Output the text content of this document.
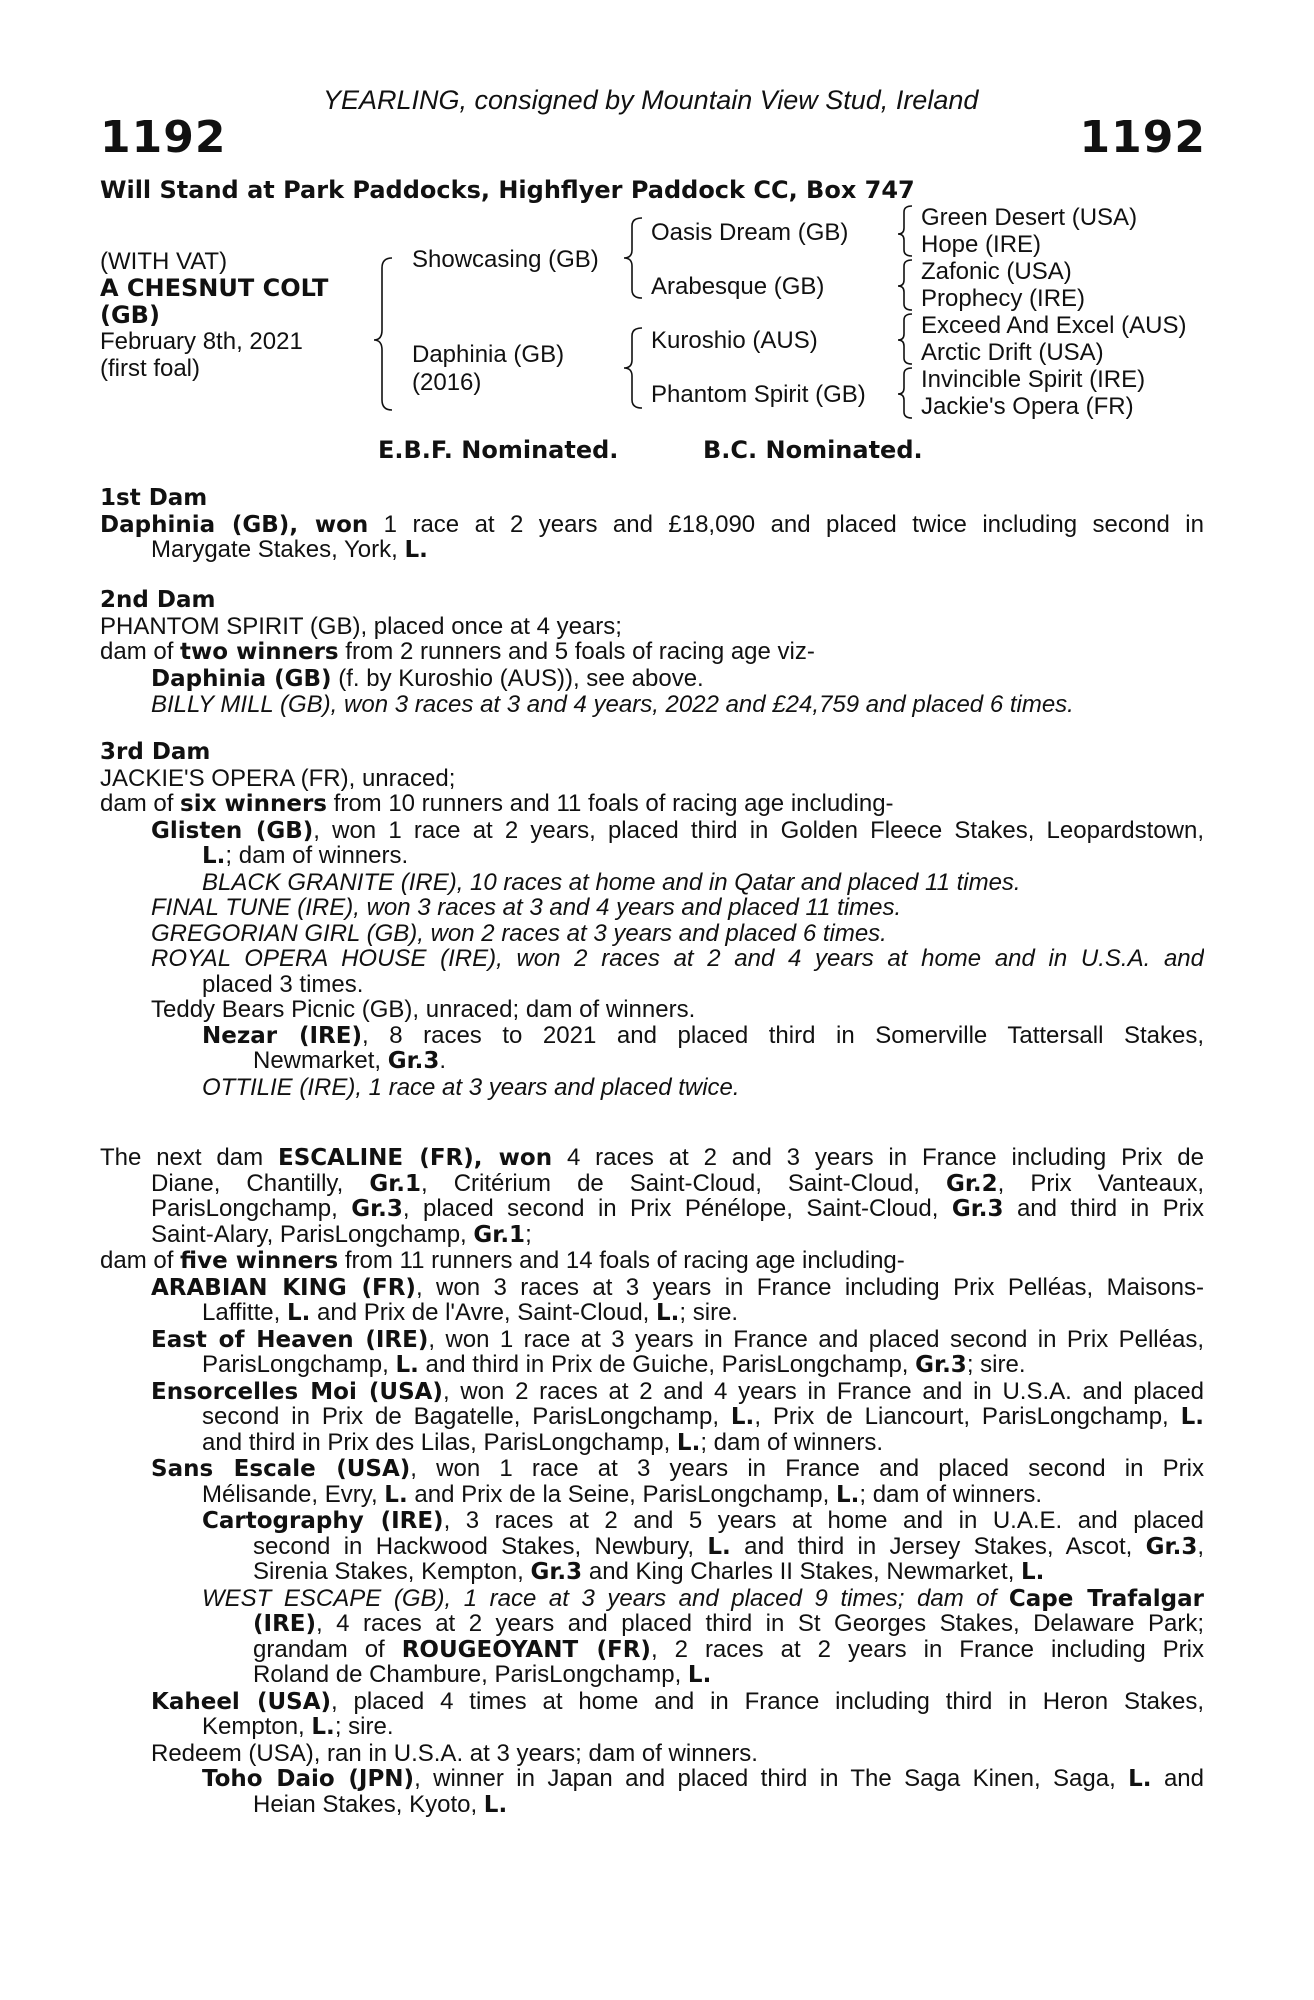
YEARLING, consigned by Mountain View Stud, Ireland
1192	1192
Will Stand at Park Paddocks, Highflyer Paddock CC, Box 747
(WITH VAT)
A CHESNUT COLT
(GB)
February 8th, 2021
(first foal)
Showcasing (GB)
Daphinia (GB)
(2016)
Oasis Dream (GB)
Arabesque (GB)
Kuroshio (AUS)
Phantom Spirit (GB)
Green Desert (USA)
Hope (IRE)
Zafonic (USA)
Prophecy (IRE)
Exceed And Excel (AUS)
Arctic Drift (USA)
Invincible Spirit (IRE)
Jackie's Opera (FR)
E.B.F. Nominated.	B.C. Nominated.
1st Dam
Daphinia (GB), won 1 race at 2 years and £18,090 and placed twice including second in
Marygate Stakes, York, L.
2nd Dam
PHANTOM SPIRIT (GB), placed once at 4 years;
dam of two winners from 2 runners and 5 foals of racing age viz-
Daphinia (GB) (f. by Kuroshio (AUS)), see above.
BILLY MILL (GB), won 3 races at 3 and 4 years, 2022 and £24,759 and placed 6 times.
3rd Dam
JACKIE'S OPERA (FR), unraced;
dam of six winners from 10 runners and 11 foals of racing age including-
Glisten (GB), won 1 race at 2 years, placed third in Golden Fleece Stakes, Leopardstown,
L.; dam of winners.
BLACK GRANITE (IRE), 10 races at home and in Qatar and placed 11 times.
FINAL TUNE (IRE), won 3 races at 3 and 4 years and placed 11 times.
GREGORIAN GIRL (GB), won 2 races at 3 years and placed 6 times.
ROYAL OPERA HOUSE (IRE), won 2 races at 2 and 4 years at home and in U.S.A. and
placed 3 times.
Teddy Bears Picnic (GB), unraced; dam of winners.
Nezar (IRE), 8 races to 2021 and placed third in Somerville Tattersall Stakes,
Newmarket, Gr.3.
OTTILIE (IRE), 1 race at 3 years and placed twice.
The next dam ESCALINE (FR), won 4 races at 2 and 3 years in France including Prix de
Diane, Chantilly, Gr.1, Critérium de Saint-Cloud, Saint-Cloud, Gr.2, Prix Vanteaux,
ParisLongchamp, Gr.3, placed second in Prix Pénélope, Saint-Cloud, Gr.3 and third in Prix
Saint-Alary, ParisLongchamp, Gr.1;
dam of five winners from 11 runners and 14 foals of racing age including-
ARABIAN KING (FR), won 3 races at 3 years in France including Prix Pelléas, Maisons-
Laffitte, L. and Prix de l'Avre, Saint-Cloud, L.; sire.
East of Heaven (IRE), won 1 race at 3 years in France and placed second in Prix Pelléas,
ParisLongchamp, L. and third in Prix de Guiche, ParisLongchamp, Gr.3; sire.
Ensorcelles Moi (USA), won 2 races at 2 and 4 years in France and in U.S.A. and placed
second in Prix de Bagatelle, ParisLongchamp, L., Prix de Liancourt, ParisLongchamp, L.
and third in Prix des Lilas, ParisLongchamp, L.; dam of winners.
Sans Escale (USA), won 1 race at 3 years in France and placed second in Prix
Mélisande, Evry, L. and Prix de la Seine, ParisLongchamp, L.; dam of winners.
Cartography (IRE), 3 races at 2 and 5 years at home and in U.A.E. and placed
second in Hackwood Stakes, Newbury, L. and third in Jersey Stakes, Ascot, Gr.3,
Sirenia Stakes, Kempton, Gr.3 and King Charles II Stakes, Newmarket, L.
WEST ESCAPE (GB), 1 race at 3 years and placed 9 times; dam of Cape Trafalgar
(IRE), 4 races at 2 years and placed third in St Georges Stakes, Delaware Park;
grandam of ROUGEOYANT (FR), 2 races at 2 years in France including Prix
Roland de Chambure, ParisLongchamp, L.
Kaheel (USA), placed 4 times at home and in France including third in Heron Stakes,
Kempton, L.; sire.
Redeem (USA), ran in U.S.A. at 3 years; dam of winners.
Toho Daio (JPN), winner in Japan and placed third in The Saga Kinen, Saga, L. and
Heian Stakes, Kyoto, L.
